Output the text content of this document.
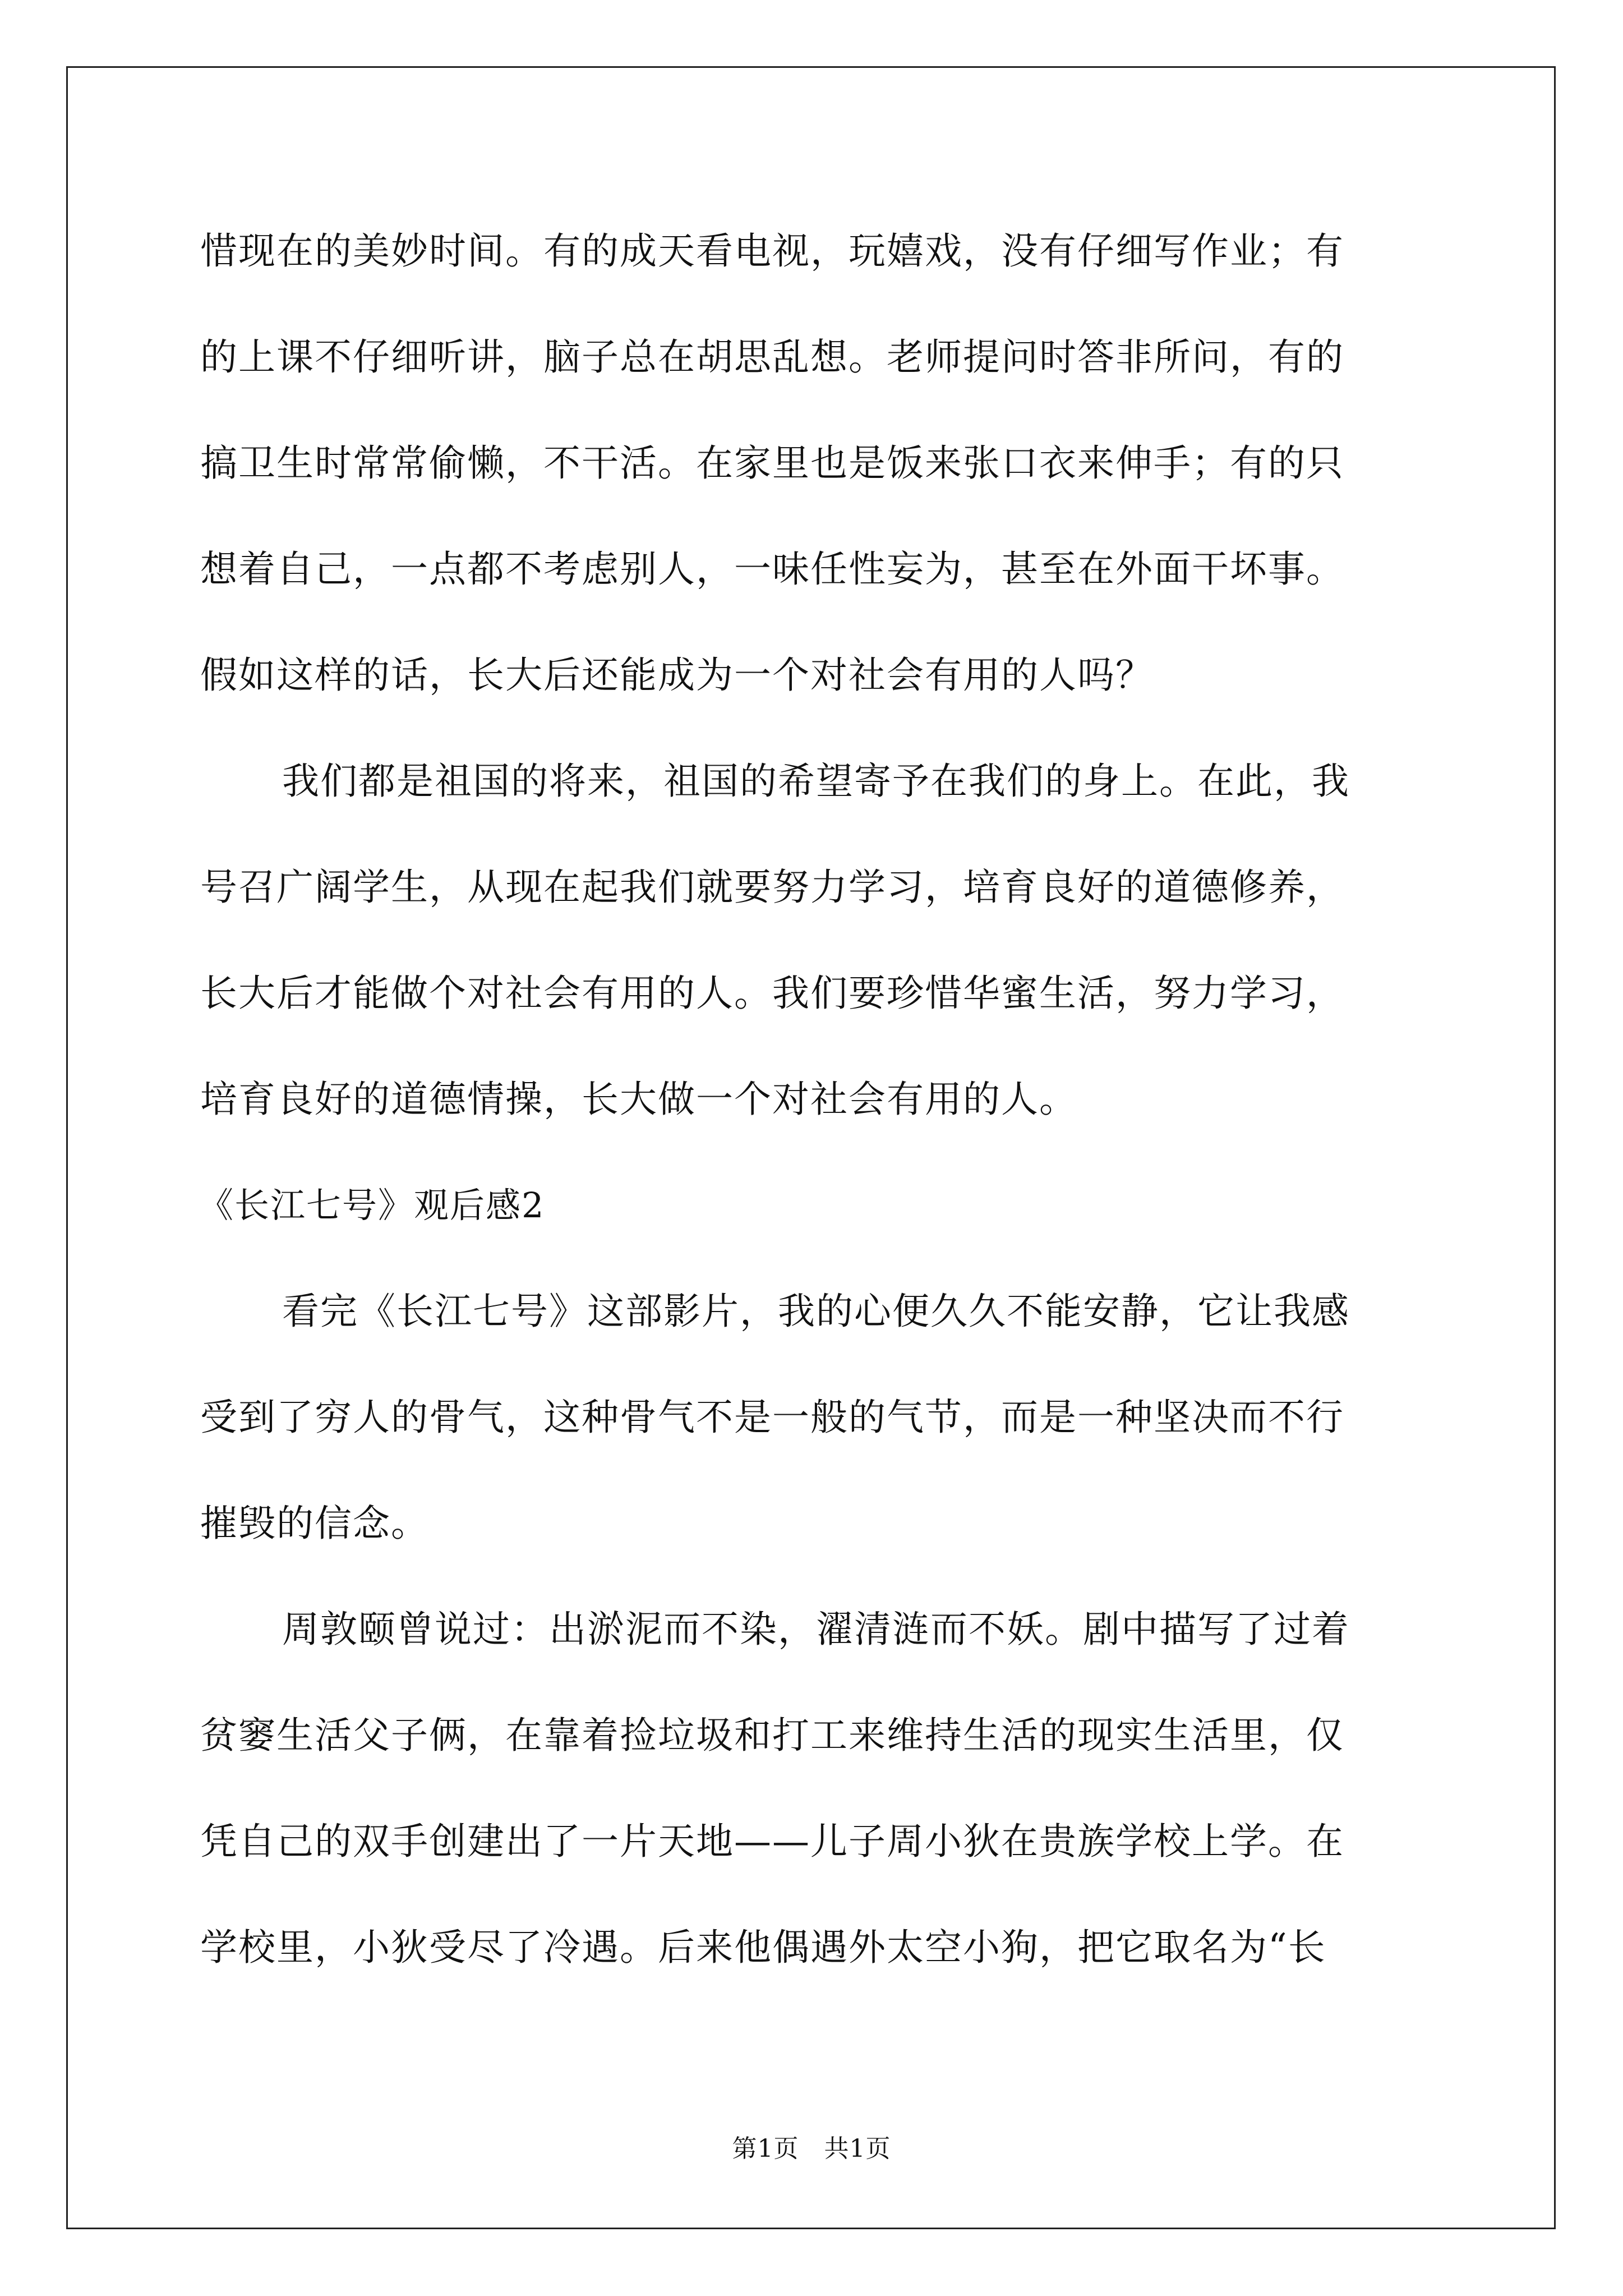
惜现在的美妙时间。有的成天看电视，玩嬉戏，没有仔细写作业；有
的上课不仔细听讲，脑子总在胡思乱想。老师提问时答非所问，有的
搞卫生时常常偷懒，不干活。在家里也是饭来张口衣来伸手；有的只
想着自己，一点都不考虑别人，一味任性妄为，甚至在外面干坏事。
假如这样的话，长大后还能成为一个对社会有用的人吗？
我们都是祖国的将来，祖国的希望寄予在我们的身上。在此，我
号召广阔学生，从现在起我们就要努力学习，培育良好的道德修养，
长大后才能做个对社会有用的人。我们要珍惜华蜜生活，努力学习，
培育良好的道德情操，长大做一个对社会有用的人。
《长江七号》观后感2
看完《长江七号》这部影片，我的心便久久不能安静，它让我感
受到了穷人的骨气，这种骨气不是一般的气节，而是一种坚决而不行
摧毁的信念。
周敦颐曾说过：出淤泥而不染，濯清涟而不妖。剧中描写了过着
贫窭生活父子俩，在靠着捡垃圾和打工来维持生活的现实生活里，仅
凭自己的双手创建出了一片天地——儿子周小狄在贵族学校上学。在
学校里，小狄受尽了冷遇。后来他偶遇外太空小狗，把它取名为“长
第1页　共1页
